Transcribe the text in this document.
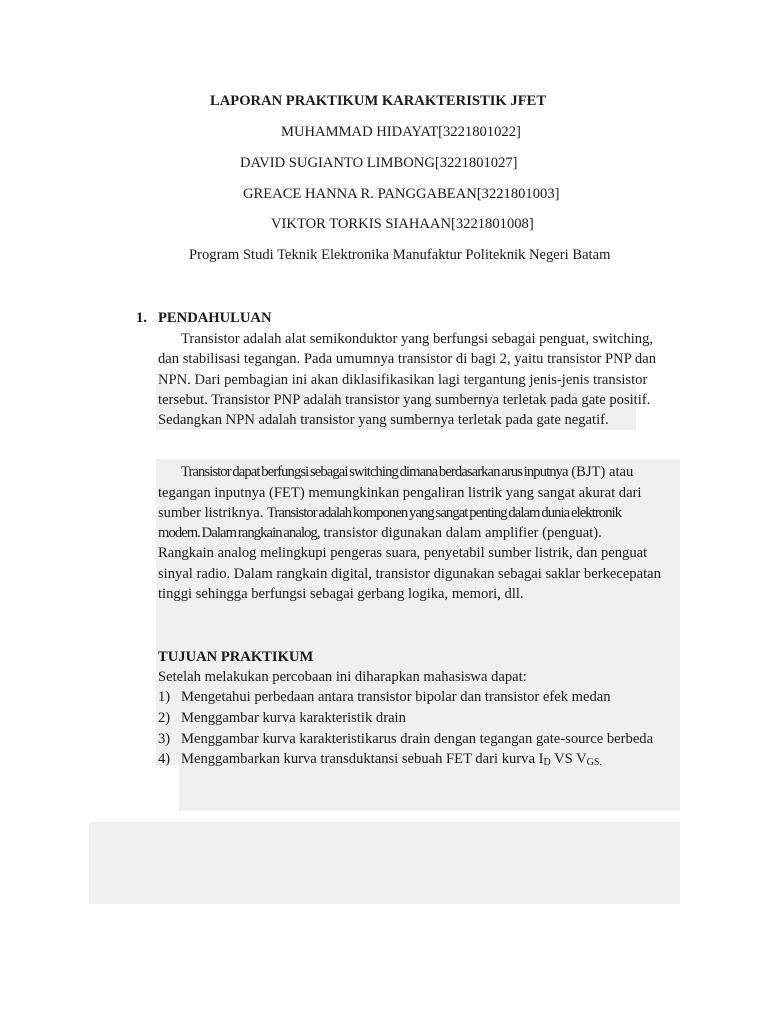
LAPORAN PRAKTIKUM KARAKTERISTIK JFET
MUHAMMAD HIDAYAT[3221801022]
DAVID SUGIANTO LIMBONG[3221801027]
GREACE HANNA R. PANGGABEAN[3221801003]
VIKTOR TORKIS SIAHAAN[3221801008]
Program Studi Teknik Elektronika Manufaktur Politeknik Negeri Batam
1. PENDAHULUAN
Transistor adalah alat semikonduktor yang berfungsi sebagai penguat, switching,
dan stabilisasi tegangan. Pada umumnya transistor di bagi 2, yaitu transistor PNP dan
NPN. Dari pembagian ini akan diklasifikasikan lagi tergantung jenis-jenis transistor
tersebut. Transistor PNP adalah transistor yang sumbernya terletak pada gate positif.
Sedangkan NPN adalah transistor yang sumbernya terletak pada gate negatif.
Transistor dapat berfungsi sebagai switching dimana berdasarkan arus inputnya (BJT) atau
tegangan inputnya (FET) memungkinkan pengaliran listrik yang sangat akurat dari
sumber listriknya. Transistor adalah komponen yang sangat penting dalam dunia elektronik
modern. Dalam rangkain analog, transistor digunakan dalam amplifier (penguat).
Rangkain analog melingkupi pengeras suara, penyetabil sumber listrik, dan penguat
sinyal radio. Dalam rangkain digital, transistor digunakan sebagai saklar berkecepatan
tinggi sehingga berfungsi sebagai gerbang logika, memori, dll.
TUJUAN PRAKTIKUM
Setelah melakukan percobaan ini diharapkan mahasiswa dapat:
1) Mengetahui perbedaan antara transistor bipolar dan transistor efek medan
2) Menggambar kurva karakteristik drain
3) Menggambar kurva karakteristikarus drain dengan tegangan gate-source berbeda
4) Menggambarkan kurva transduktansi sebuah FET dari kurva $I_D$ VS $V_{GS.}$
